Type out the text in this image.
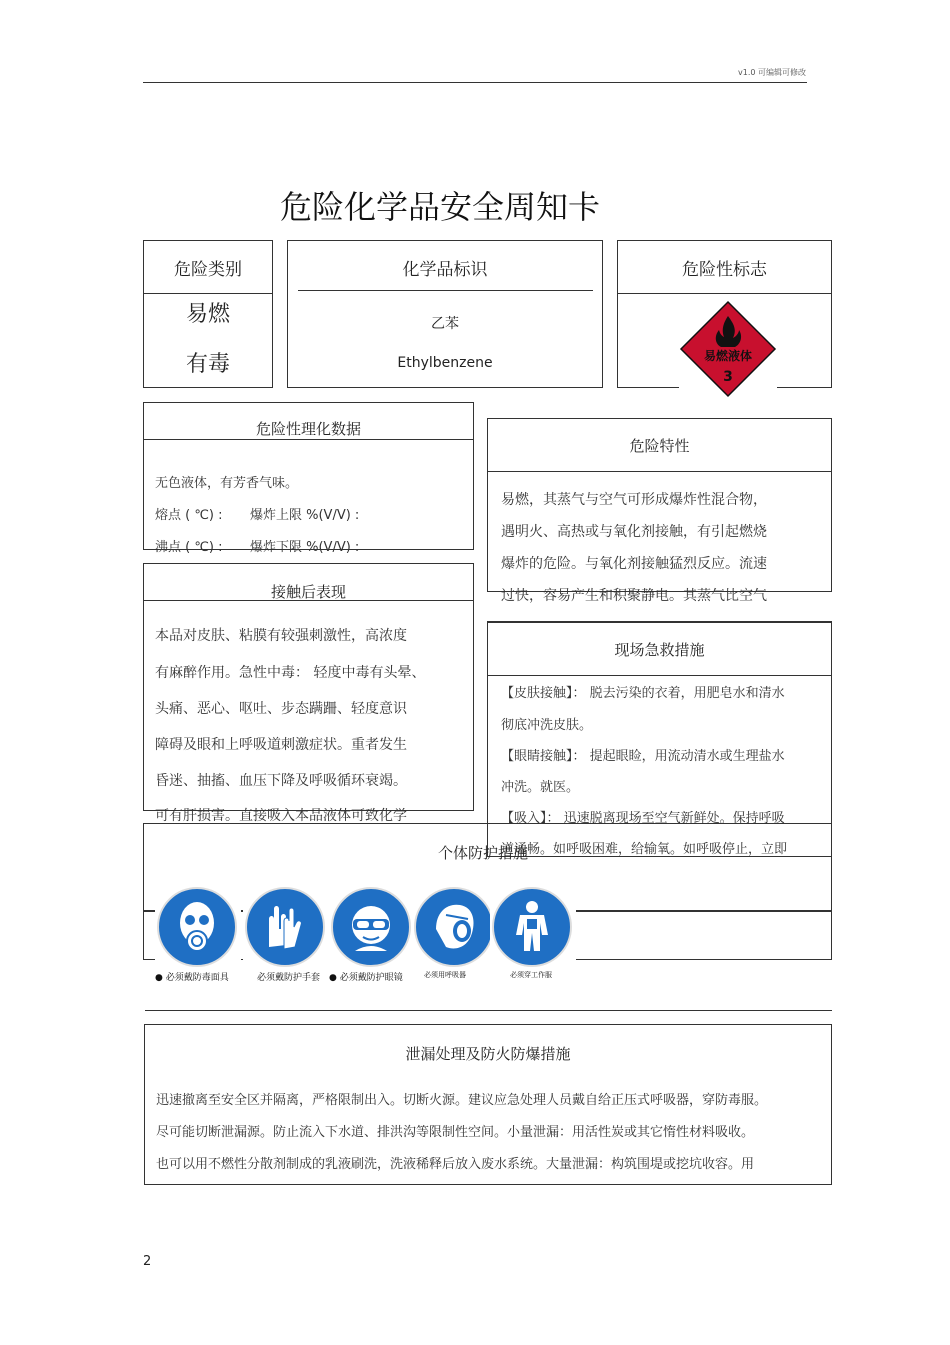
v1.0 可编辑可修改
危险化学品安全周知卡
危险类别
易燃
有毒
化学品标识
乙苯
Ethylbenzene
危险性标志
易燃液体
3
危险性理化数据
无色液体，有芳香气味。
熔点 ( ℃) : 爆炸上限 %(V/V) :
沸点 ( ℃) : 爆炸下限 %(V/V) :
危险特性
易燃，其蒸气与空气可形成爆炸性混合物，
遇明火、高热或与氧化剂接触，有引起燃烧
爆炸的危险。与氧化剂接触猛烈反应。流速
过快，容易产生和积聚静电。其蒸气比空气
接触后表现
本品对皮肤、粘膜有较强刺激性，高浓度
有麻醉作用。急性中毒： 轻度中毒有头晕、
头痛、恶心、呕吐、步态蹒跚、轻度意识
障碍及眼和上呼吸道刺激症状。重者发生
昏迷、抽搐、血压下降及呼吸循环衰竭。
可有肝损害。直接吸入本品液体可致化学
现场急救措施
【皮肤接触】： 脱去污染的衣着，用肥皂水和清水
彻底冲洗皮肤。
【眼睛接触】： 提起眼睑，用流动清水或生理盐水
冲洗。就医。
【吸入】： 迅速脱离现场至空气新鲜处。保持呼吸
道通畅。如呼吸困难，给输氧。如呼吸停止，立即
个体防护措施
● 必须戴防毒面具	必须戴防护手套 ● 必须戴防护眼镜	必须用呼吸器	必须穿工作服
泄漏处理及防火防爆措施
迅速撤离至安全区并隔离，严格限制出入。切断火源。建议应急处理人员戴自给正压式呼吸器，穿防毒服。
尽可能切断泄漏源。防止流入下水道、排洪沟等限制性空间。小量泄漏：用活性炭或其它惰性材料吸收。
也可以用不燃性分散剂制成的乳液刷洗，洗液稀释后放入废水系统。大量泄漏：构筑围堤或挖坑收容。用
2
